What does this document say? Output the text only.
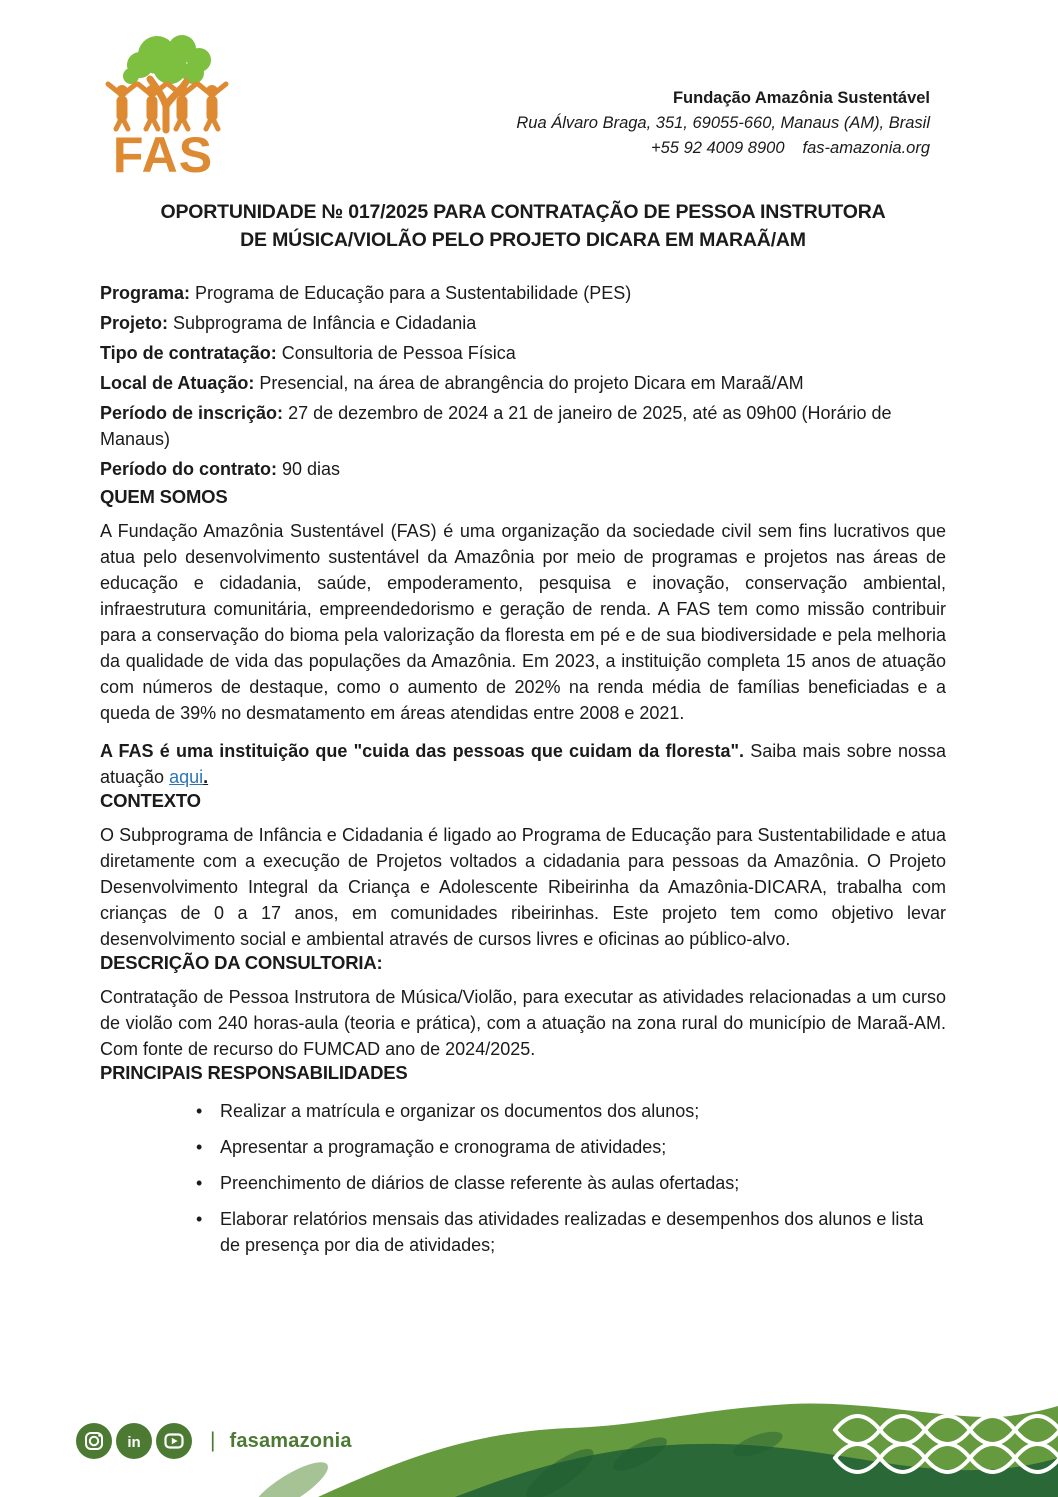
FAS
Fundação Amazônia Sustentável
Rua Álvaro Braga, 351, 69055-660, Manaus (AM), Brasil
+55 92 4009 8900 fas-amazonia.org
OPORTUNIDADE № 017/2025 PARA CONTRATAÇÃO DE PESSOA INSTRUTORA
DE MÚSICA/VIOLÃO PELO PROJETO DICARA EM MARAÃ/AM

Programa: Programa de Educação para a Sustentabilidade (PES)

Projeto: Subprograma de Infância e Cidadania

Tipo de contratação: Consultoria de Pessoa Física

Local de Atuação: Presencial, na área de abrangência do projeto Dicara em Maraã/AM

Período de inscrição: 27 de dezembro de 2024 a 21 de janeiro de 2025, até as 09h00 (Horário de Manaus)

Período do contrato: 90 dias

QUEM SOMOS

A Fundação Amazônia Sustentável (FAS) é uma organização da sociedade civil sem fins lucrativos que atua pelo desenvolvimento sustentável da Amazônia por meio de programas e projetos nas áreas de educação e cidadania, saúde, empoderamento, pesquisa e inovação, conservação ambiental, infraestrutura comunitária, empreendedorismo e geração de renda. A FAS tem como missão contribuir para a conservação do bioma pela valorização da floresta em pé e de sua biodiversidade e pela melhoria da qualidade de vida das populações da Amazônia. Em 2023, a instituição completa 15 anos de atuação com números de destaque, como o aumento de 202% na renda média de famílias beneficiadas e a queda de 39% no desmatamento em áreas atendidas entre 2008 e 2021.

A FAS é uma instituição que "cuida das pessoas que cuidam da floresta". Saiba mais sobre nossa atuação aqui.

CONTEXTO

O Subprograma de Infância e Cidadania é ligado ao Programa de Educação para Sustentabilidade e atua diretamente com a execução de Projetos voltados a cidadania para pessoas da Amazônia. O Projeto Desenvolvimento Integral da Criança e Adolescente Ribeirinha da Amazônia-DICARA, trabalha com crianças de 0 a 17 anos, em comunidades ribeirinhas. Este projeto tem como objetivo levar desenvolvimento social e ambiental através de cursos livres e oficinas ao público-alvo.

DESCRIÇÃO DA CONSULTORIA:

Contratação de Pessoa Instrutora de Música/Violão, para executar as atividades relacionadas a um curso de violão com 240 horas-aula (teoria e prática), com a atuação na zona rural do município de Maraã-AM. Com fonte de recurso do FUMCAD ano de 2024/2025.

PRINCIPAIS RESPONSABILIDADES
• Realizar a matrícula e organizar os documentos dos alunos;
• Apresentar a programação e cronograma de atividades;
• Preenchimento de diários de classe referente às aulas ofertadas;
• Elaborar relatórios mensais das atividades realizadas e desempenhos dos alunos e lista de presença por dia de atividades;
in	| fasamazonia
